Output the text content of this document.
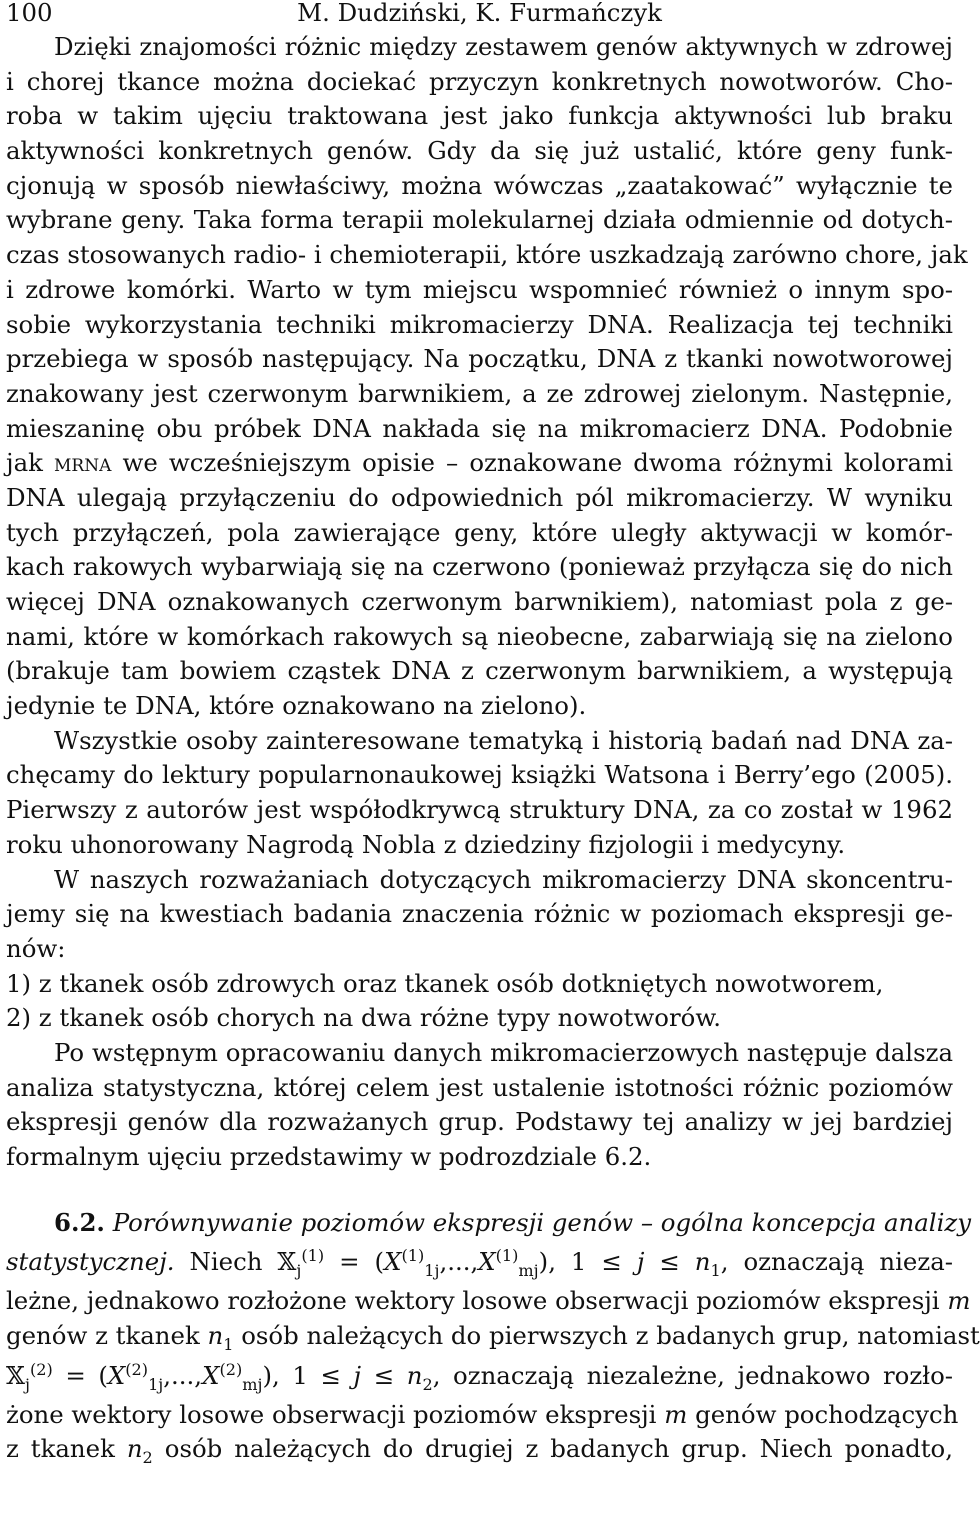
100	M. Dudziński, K. Furmańczyk
Dzięki znajomości różnic między zestawem genów aktywnych w zdrowej
i chorej tkance można dociekać przyczyn konkretnych nowotworów. Cho-
roba w takim ujęciu traktowana jest jako funkcja aktywności lub braku
aktywności konkretnych genów. Gdy da się już ustalić, które geny funk-
cjonują w sposób niewłaściwy, można wówczas „zaatakować” wyłącznie te
wybrane geny. Taka forma terapii molekularnej działa odmiennie od dotych-
czas stosowanych radio- i chemioterapii, które uszkadzają zarówno chore, jak
i zdrowe komórki. Warto w tym miejscu wspomnieć również o innym spo-
sobie wykorzystania techniki mikromacierzy DNA. Realizacja tej techniki
przebiega w sposób następujący. Na początku, DNA z tkanki nowotworowej
znakowany jest czerwonym barwnikiem, a ze zdrowej zielonym. Następnie,
mieszaninę obu próbek DNA nakłada się na mikromacierz DNA. Podobnie
jak mrna we wcześniejszym opisie – oznakowane dwoma różnymi kolorami
DNA ulegają przyłączeniu do odpowiednich pól mikromacierzy. W wyniku
tych przyłączeń, pola zawierające geny, które uległy aktywacji w komór-
kach rakowych wybarwiają się na czerwono (ponieważ przyłącza się do nich
więcej DNA oznakowanych czerwonym barwnikiem), natomiast pola z ge-
nami, które w komórkach rakowych są nieobecne, zabarwiają się na zielono
(brakuje tam bowiem cząstek DNA z czerwonym barwnikiem, a występują
jedynie te DNA, które oznakowano na zielono).
Wszystkie osoby zainteresowane tematyką i historią badań nad DNA za-
chęcamy do lektury popularnonaukowej książki Watsona i Berry’ego (2005).
Pierwszy z autorów jest współodkrywcą struktury DNA, za co został w 1962
roku uhonorowany Nagrodą Nobla z dziedziny fizjologii i medycyny.
W naszych rozważaniach dotyczących mikromacierzy DNA skoncentru-
jemy się na kwestiach badania znaczenia różnic w poziomach ekspresji ge-
nów:
1) z tkanek osób zdrowych oraz tkanek osób dotkniętych nowotworem,
2) z tkanek osób chorych na dwa różne typy nowotworów.
Po wstępnym opracowaniu danych mikromacierzowych następuje dalsza
analiza statystyczna, której celem jest ustalenie istotności różnic poziomów
ekspresji genów dla rozważanych grup. Podstawy tej analizy w jej bardziej
formalnym ujęciu przedstawimy w podrozdziale 6.2.
6.2. Porównywanie poziomów ekspresji genów – ogólna koncepcja analizy
statystycznej. Niech 𝕏$_j^{(1)}$ = $(X^{(1)}_{1j},...,X^{(1)}_{mj})$, $1 \le j \le n_1$, oznaczają nieza-
leżne, jednakowo rozłożone wektory losowe obserwacji poziomów ekspresji m
genów z tkanek $n_1$ osób należących do pierwszych z badanych grup, natomiast
𝕏$_j^{(2)}$ = $(X^{(2)}_{1j},...,X^{(2)}_{mj})$, $1 \le j \le n_2$, oznaczają niezależne, jednakowo rozło-
żone wektory losowe obserwacji poziomów ekspresji m genów pochodzących
z tkanek $n_2$ osób należących do drugiej z badanych grup. Niech ponadto,
